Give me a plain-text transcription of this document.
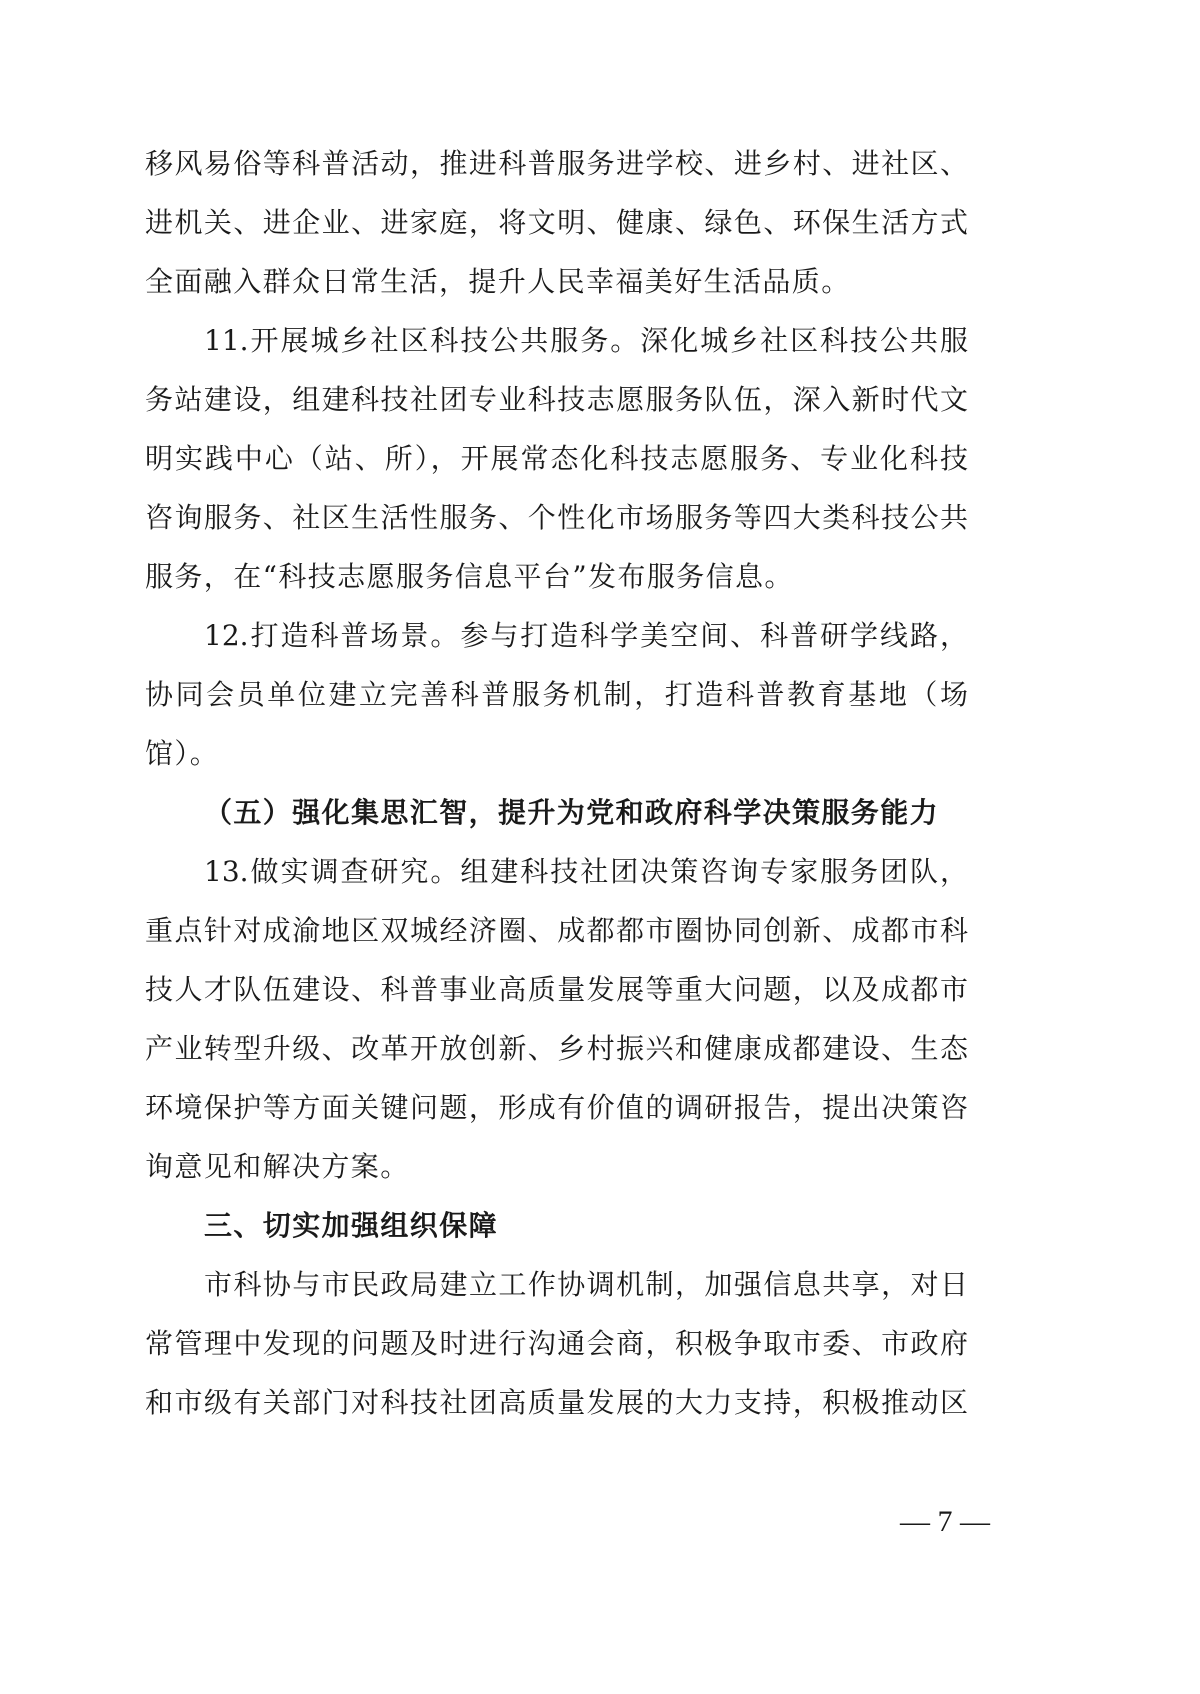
移风易俗等科普活动，推进科普服务进学校、进乡村、进社区、
进机关、进企业、进家庭，将文明、健康、绿色、环保生活方式
全面融入群众日常生活，提升人民幸福美好生活品质。
11.开展城乡社区科技公共服务。深化城乡社区科技公共服
务站建设，组建科技社团专业科技志愿服务队伍，深入新时代文
明实践中心（站、所），开展常态化科技志愿服务、专业化科技
咨询服务、社区生活性服务、个性化市场服务等四大类科技公共
服务，在“科技志愿服务信息平台”发布服务信息。
12.打造科普场景。参与打造科学美空间、科普研学线路，
协同会员单位建立完善科普服务机制，打造科普教育基地（场
馆）。
（五）强化集思汇智，提升为党和政府科学决策服务能力
13.做实调查研究。组建科技社团决策咨询专家服务团队，
重点针对成渝地区双城经济圈、成都都市圈协同创新、成都市科
技人才队伍建设、科普事业高质量发展等重大问题，以及成都市
产业转型升级、改革开放创新、乡村振兴和健康成都建设、生态
环境保护等方面关键问题，形成有价值的调研报告，提出决策咨
询意见和解决方案。
三、切实加强组织保障
市科协与市民政局建立工作协调机制，加强信息共享，对日
常管理中发现的问题及时进行沟通会商，积极争取市委、市政府
和市级有关部门对科技社团高质量发展的大力支持，积极推动区
— 7 —
